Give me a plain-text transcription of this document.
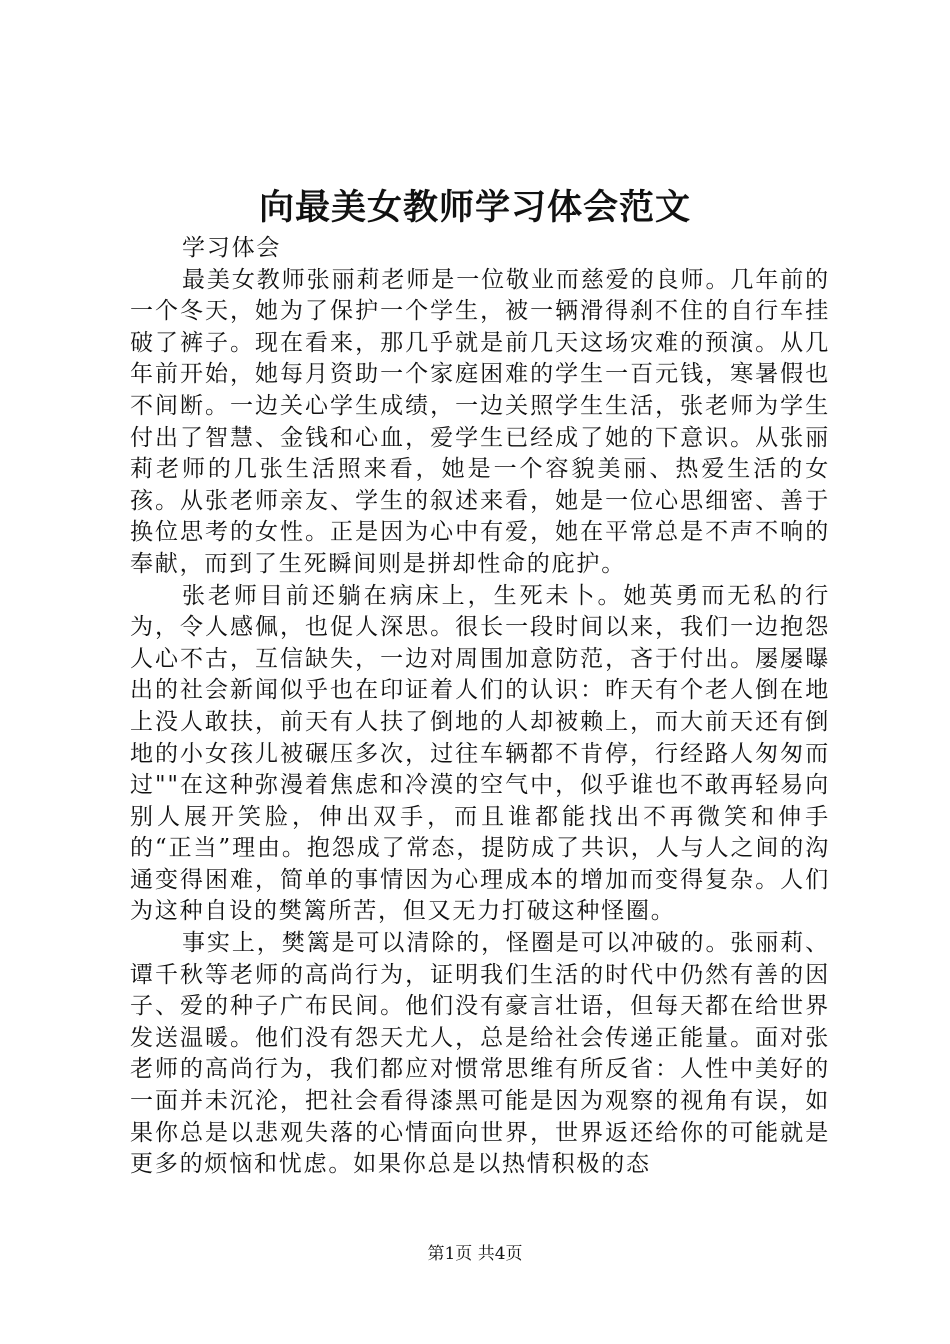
向最美女教师学习体会范文

学习体会

最美女教师张丽莉老师是一位敬业而慈爱的良师。几年前的一个冬天，她为了保护一个学生，被一辆滑得刹不住的自行车挂破了裤子。现在看来，那几乎就是前几天这场灾难的预演。从几年前开始，她每月资助一个家庭困难的学生一百元钱，寒暑假也不间断。一边关心学生成绩，一边关照学生生活，张老师为学生付出了智慧、金钱和心血，爱学生已经成了她的下意识。从张丽莉老师的几张生活照来看，她是一个容貌美丽、热爱生活的女孩。从张老师亲友、学生的叙述来看，她是一位心思细密、善于换位思考的女性。正是因为心中有爱，她在平常总是不声不响的奉献，而到了生死瞬间则是拼却性命的庇护。

张老师目前还躺在病床上，生死未卜。她英勇而无私的行为，令人感佩，也促人深思。很长一段时间以来，我们一边抱怨人心不古，互信缺失，一边对周围加意防范，吝于付出。屡屡曝出的社会新闻似乎也在印证着人们的认识：昨天有个老人倒在地上没人敢扶，前天有人扶了倒地的人却被赖上，而大前天还有倒地的小女孩儿被碾压多次，过往车辆都不肯停，行经路人匆匆而过""在这种弥漫着焦虑和冷漠的空气中，似乎谁也不敢再轻易向别人展开笑脸，伸出双手，而且谁都能找出不再微笑和伸手的“正当”理由。抱怨成了常态，提防成了共识，人与人之间的沟通变得困难，简单的事情因为心理成本的增加而变得复杂。人们为这种自设的樊篱所苦，但又无力打破这种怪圈。

事实上，樊篱是可以清除的，怪圈是可以冲破的。张丽莉、谭千秋等老师的高尚行为，证明我们生活的时代中仍然有善的因子、爱的种子广布民间。他们没有豪言壮语，但每天都在给世界发送温暖。他们没有怨天尤人，总是给社会传递正能量。面对张老师的高尚行为，我们都应对惯常思维有所反省：人性中美好的一面并未沉沦，把社会看得漆黑可能是因为观察的视角有误，如果你总是以悲观失落的心情面向世界，世界返还给你的可能就是更多的烦恼和忧虑。如果你总是以热情积极的态

第1页 共4页
